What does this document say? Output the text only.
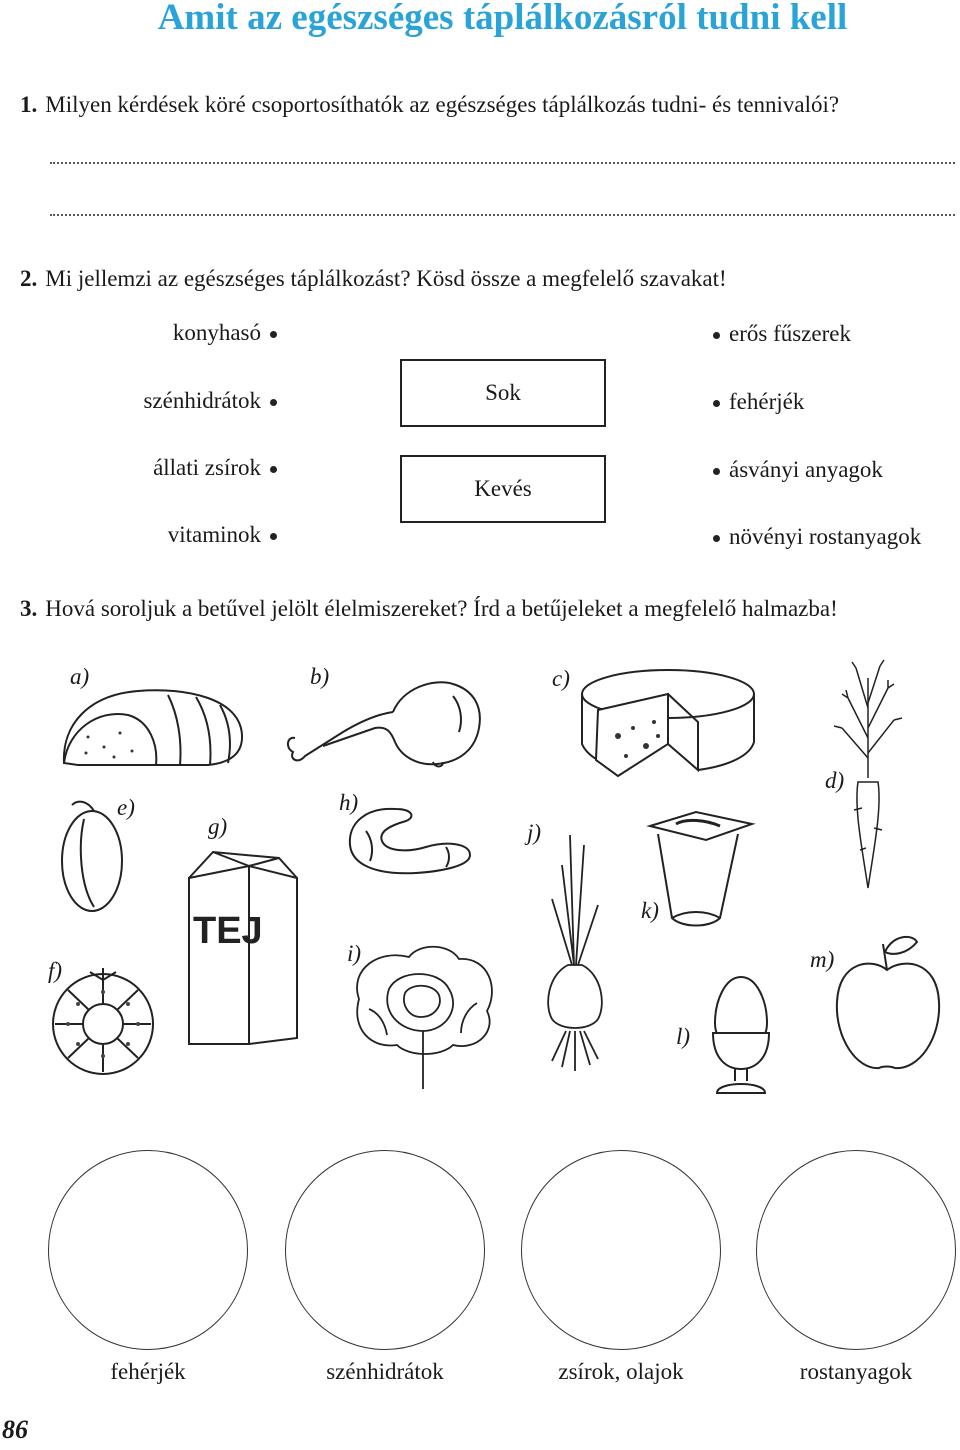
Amit az egészséges táplálkozásról tudni kell
1. Milyen kérdések köré csoportosíthatók az egészséges táplálkozás tudni- és tennivalói?
2. Mi jellemzi az egészséges táplálkozást? Kösd össze a megfelelő szavakat!
konyhasó
szénhidrátok
állati zsírok
vitaminok
Sok
Kevés
erős fűszerek
fehérjék
ásványi anyagok
növényi rostanyagok
3. Hová soroljuk a betűvel jelölt élelmiszereket? Írd a betűjeleket a megfelelő halmazba!
a)	b)	c)
d)
e)
f)
g)
h)
i)
j)
k)
l)
m)
TEJ
fehérjék	szénhidrátok	zsírok, olajok	rostanyagok
86
